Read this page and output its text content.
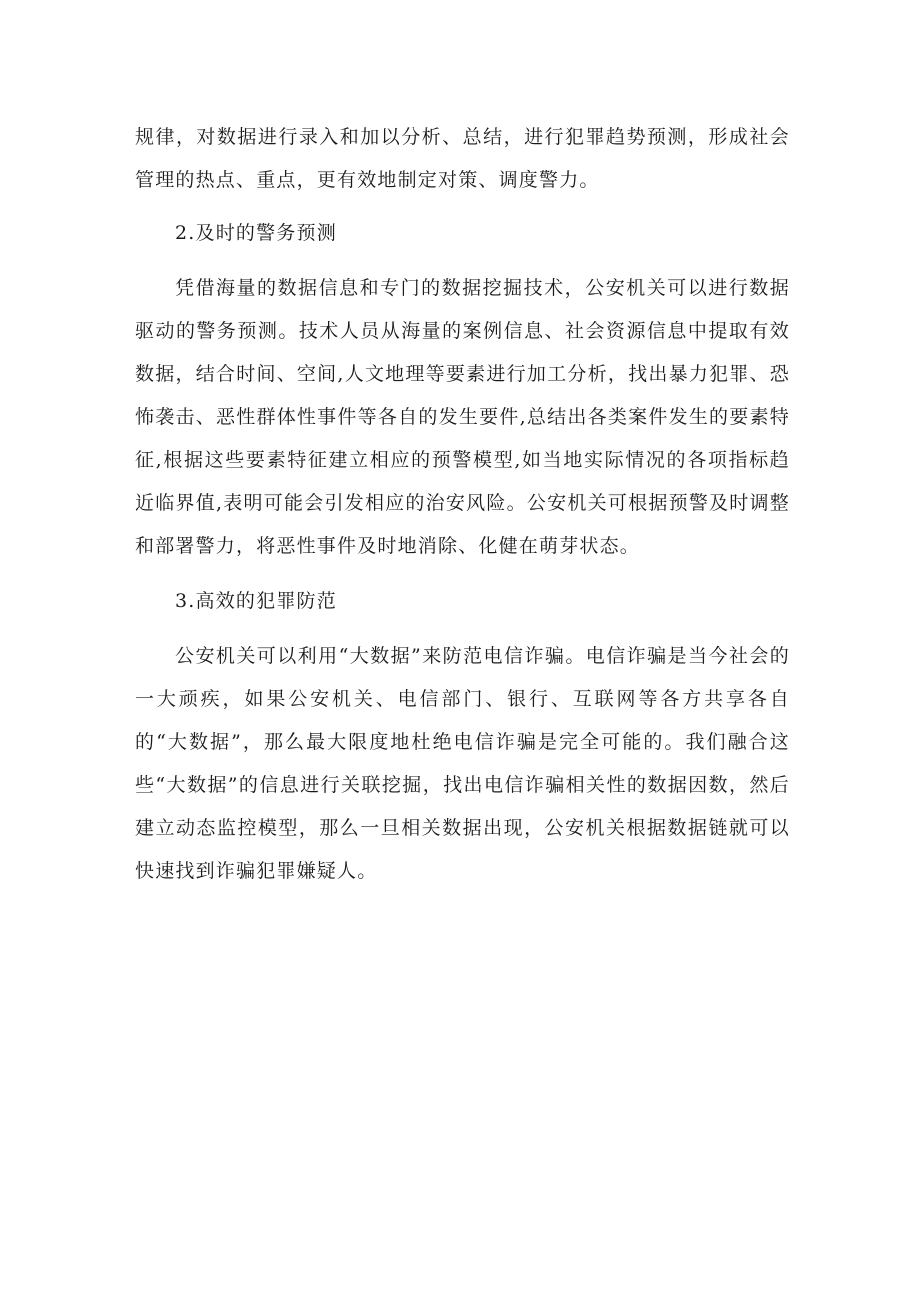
规律，对数据进行录入和加以分析、总结，进行犯罪趋势预测，形成社会管理的热点、重点，更有效地制定对策、调度警力。

2.及时的警务预测

凭借海量的数据信息和专门的数据挖掘技术，公安机关可以进行数据驱动的警务预测。技术人员从海量的案例信息、社会资源信息中提取有效数据，结合时间、空间,人文地理等要素进行加工分析，找出暴力犯罪、恐怖袭击、恶性群体性事件等各自的发生要件,总结出各类案件发生的要素特征,根据这些要素特征建立相应的预警模型,如当地实际情况的各项指标趋近临界值,表明可能会引发相应的治安风险。公安机关可根据预警及时调整和部署警力，将恶性事件及时地消除、化健在萌芽状态。

3.高效的犯罪防范

公安机关可以利用“大数据”来防范电信诈骗。电信诈骗是当今社会的一大顽疾，如果公安机关、电信部门、银行、互联网等各方共享各自的“大数据”，那么最大限度地杜绝电信诈骗是完全可能的。我们融合这些“大数据”的信息进行关联挖掘，找出电信诈骗相关性的数据因数，然后建立动态监控模型，那么一旦相关数据出现，公安机关根据数据链就可以快速找到诈骗犯罪嫌疑人。
